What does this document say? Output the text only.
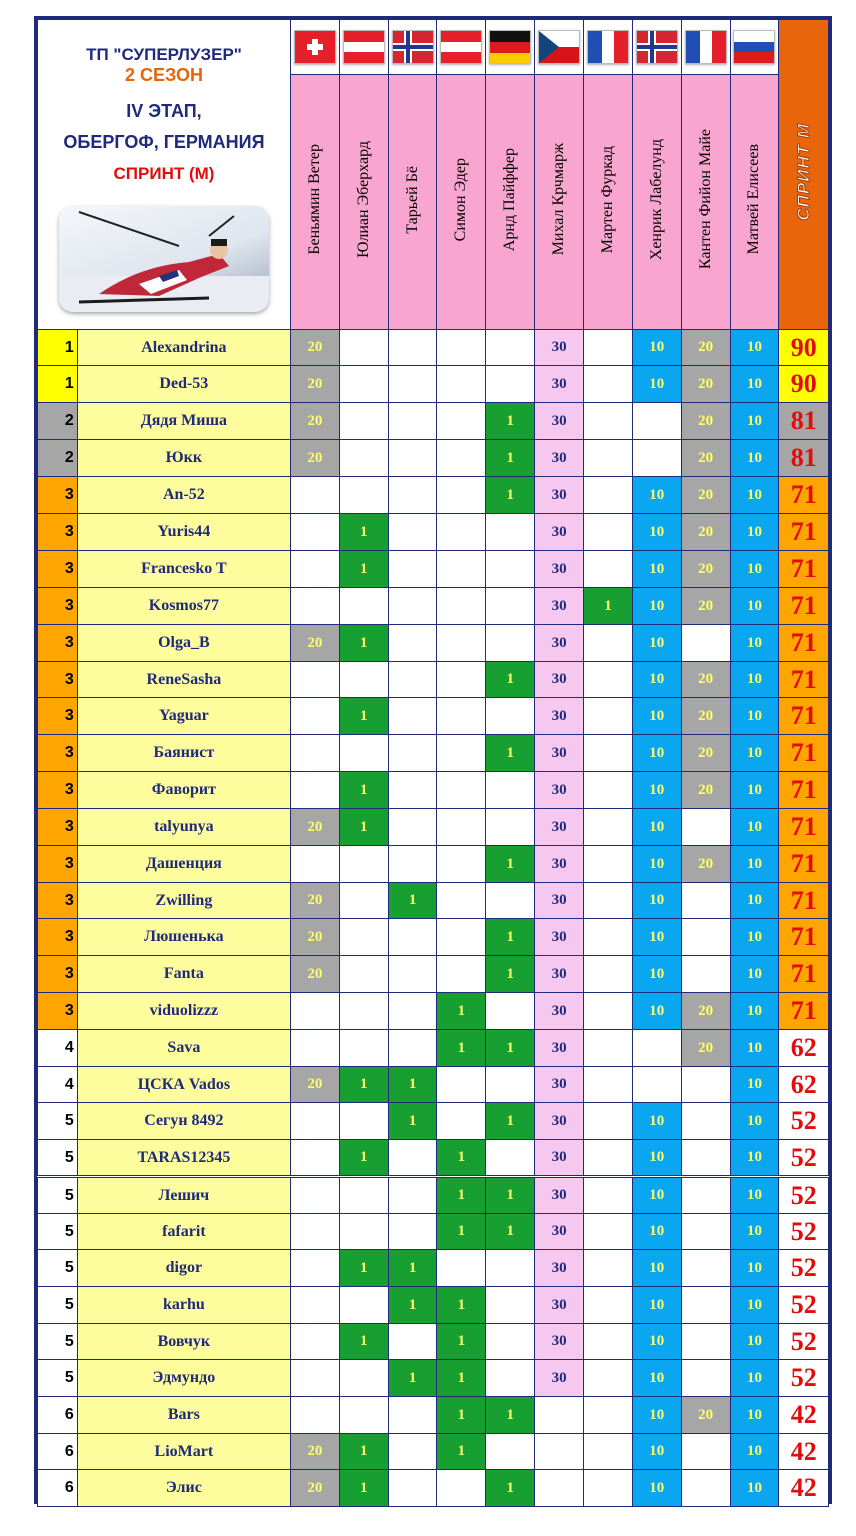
ТП "СУПЕРЛУЗЕР"
2 СЕЗОН
IV ЭТАП,
ОБЕРГОФ, ГЕРМАНИЯ
СПРИНТ (М)												СПРИНТ М
		Беньямин Ветер	Юлиан Эберхард	Тарьей Бё	Симон Эдер	Арнд Пайффер	Михал Крчмарж	Мартен Фуркад	Хенрик Лабелунд	Кантен Фийон Майе	Матвей Елисеев	
1	Alexandrina	20					30		10	20	10	90
1	Ded-53	20					30		10	20	10	90
2	Дядя Миша	20				1	30			20	10	81
2	Юкк	20				1	30			20	10	81
3	An-52					1	30		10	20	10	71
3	Yuris44		1				30		10	20	10	71
3	Francesko T		1				30		10	20	10	71
3	Kosmos77						30	1	10	20	10	71
3	Olga_B	20	1				30		10		10	71
3	ReneSasha					1	30		10	20	10	71
3	Yaguar		1				30		10	20	10	71
3	Баянист					1	30		10	20	10	71
3	Фаворит		1				30		10	20	10	71
3	talyunya	20	1				30		10		10	71
3	Дашенция					1	30		10	20	10	71
3	Zwilling	20		1			30		10		10	71
3	Люшенька	20				1	30		10		10	71
3	Fanta	20				1	30		10		10	71
3	viduolizzz				1		30		10	20	10	71
4	Sava				1	1	30			20	10	62
4	ЦСКА Vados	20	1	1			30				10	62
5	Сегун 8492			1		1	30		10		10	52
5	TARAS12345		1		1		30		10		10	52
5	Лешич				1	1	30		10		10	52
5	fafarit				1	1	30		10		10	52
5	digor		1	1			30		10		10	52
5	karhu			1	1		30		10		10	52
5	Вовчук		1		1		30		10		10	52
5	Эдмундо			1	1		30		10		10	52
6	Bars				1	1			10	20	10	42
6	LioMart	20	1		1				10		10	42
6	Элис	20	1			1			10		10	42
